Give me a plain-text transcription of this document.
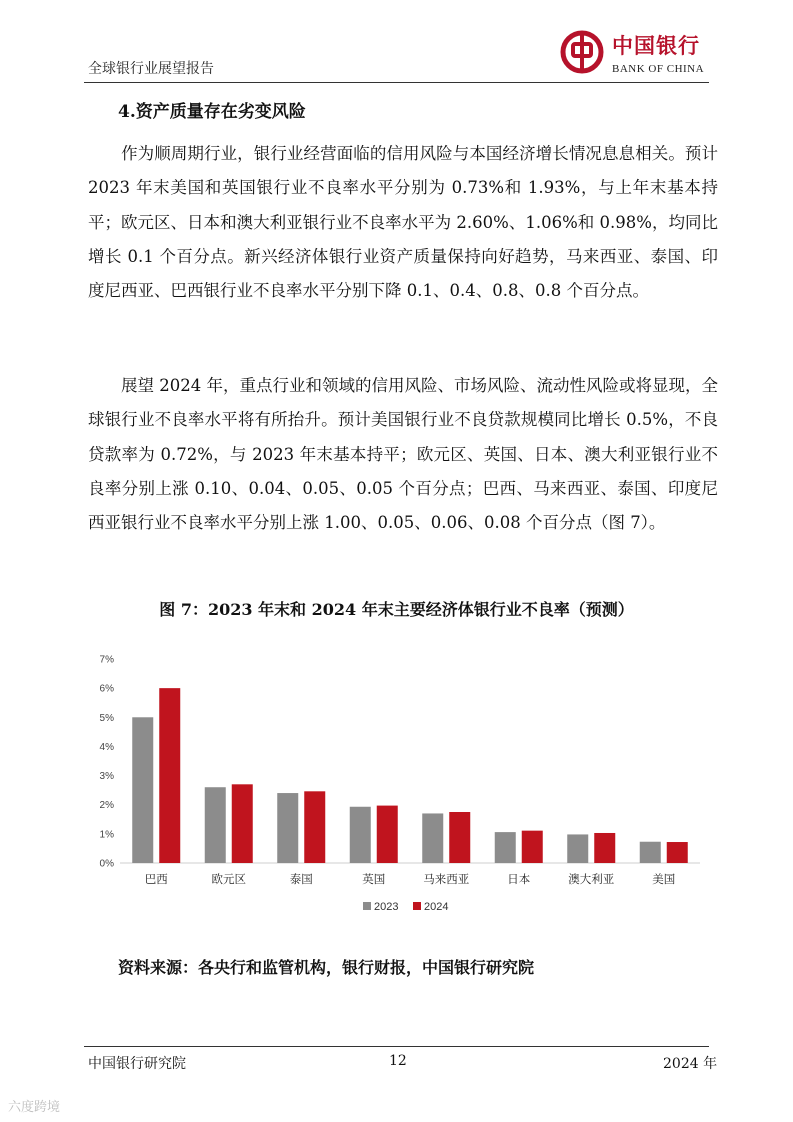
全球银行业展望报告
中国银行
BANK OF CHINA
4.资产质量存在劣变风险
作为顺周期行业，银行业经营面临的信用风险与本国经济增长情况息息相关。预计 2023 年末美国和英国银行业不良率水平分别为 0.73%和 1.93%，与上年末基本持平；欧元区、日本和澳大利亚银行业不良率水平为 2.60%、1.06%和 0.98%，均同比增长 0.1 个百分点。新兴经济体银行业资产质量保持向好趋势，马来西亚、泰国、印度尼西亚、巴西银行业不良率水平分别下降 0.1、0.4、0.8、0.8 个百分点。
展望 2024 年，重点行业和领域的信用风险、市场风险、流动性风险或将显现，全球银行业不良率水平将有所抬升。预计美国银行业不良贷款规模同比增长 0.5%，不良贷款率为 0.72%，与 2023 年末基本持平；欧元区、英国、日本、澳大利亚银行业不良率分别上涨 0.10、0.04、0.05、0.05 个百分点；巴西、马来西亚、泰国、印度尼西亚银行业不良率水平分别上涨 1.00、0.05、0.06、0.08 个百分点（图 7）。
图 7：2023 年末和 2024 年末主要经济体银行业不良率（预测）
0%
1%
2%
3%
4%
5%
6%
7%
巴西	欧元区	泰国	英国	马来西亚	日本	澳大利亚	美国
2023 2024
资料来源：各央行和监管机构，银行财报，中国银行研究院
中国银行研究院	12	2024 年
六度跨境
